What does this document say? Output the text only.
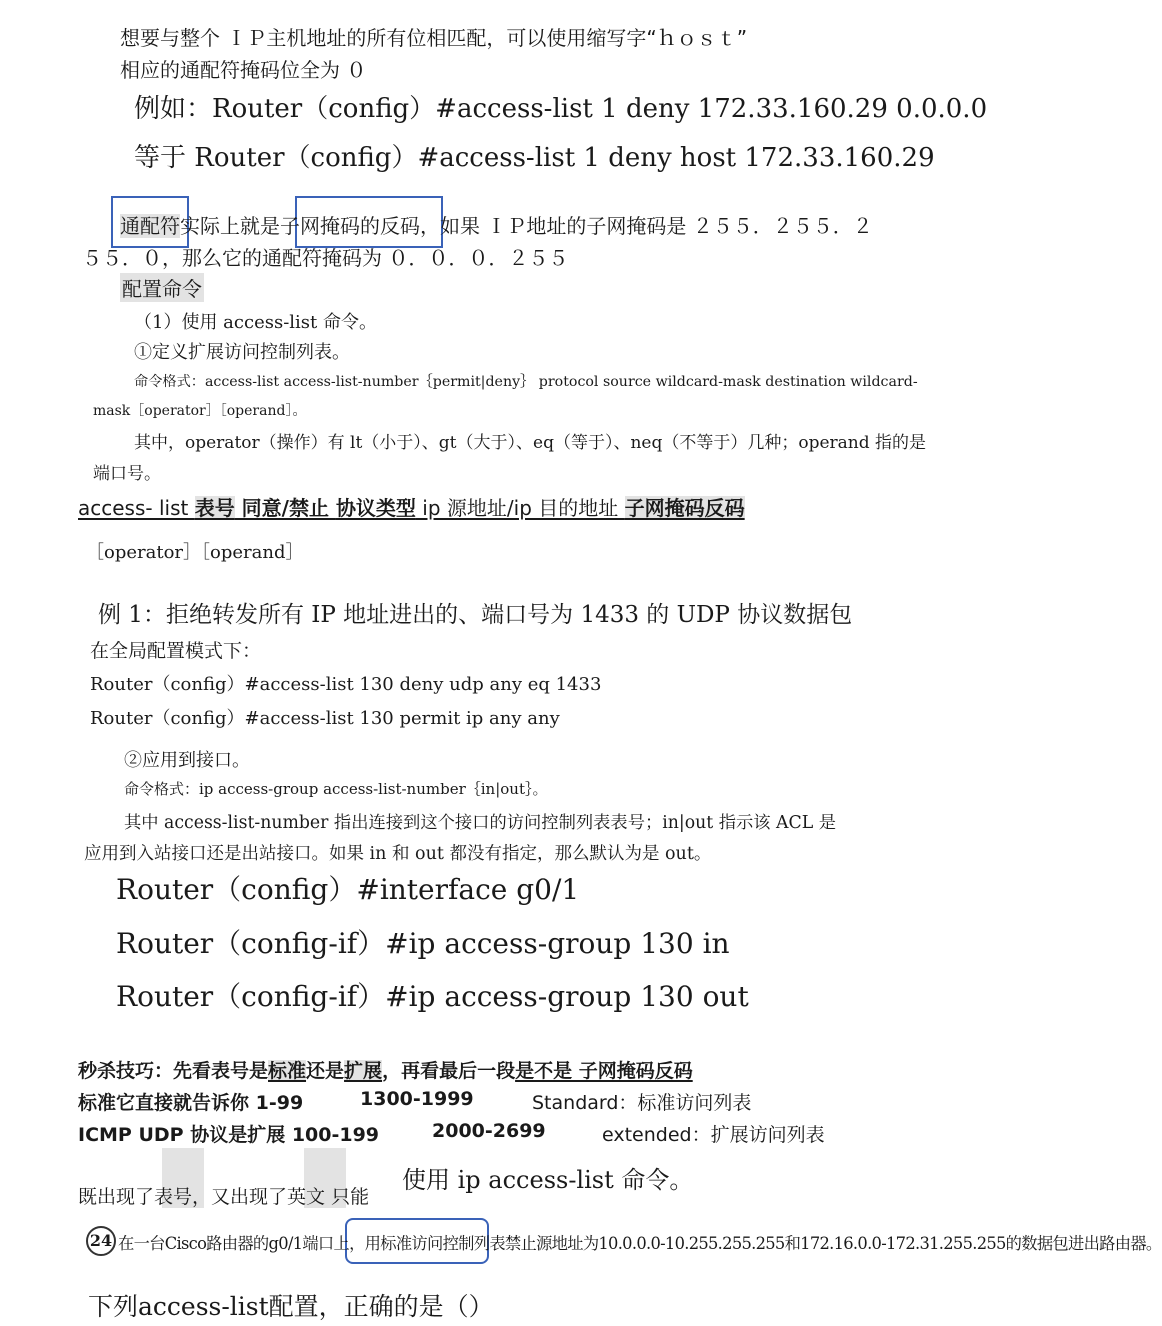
想要与整个 ＩＰ主机地址的所有位相匹配，可以使用缩写字“ｈｏｓｔ”
相应的通配符掩码位全为 ０
例如：Router（config）#access-list 1 deny 172.33.160.29 0.0.0.0
等于 Router（config）#access-list 1 deny host 172.33.160.29
通配符实际上就是子网掩码的反码，如果 ＩＰ地址的子网掩码是 ２５５．２５５．２
５５．０，那么它的通配符掩码为 ０．０．０．２５５
配置命令
（1）使用 access-list 命令。
①定义扩展访问控制列表。
命令格式：access-list access-list-number｛permit|deny｝ protocol source wildcard-mask destination wildcard-
mask［operator］［operand］。
其中，operator（操作）有 lt（小于）、gt（大于）、eq（等于）、neq（不等于）几种；operand 指的是
端口号。
access- list 表号 同意/禁止 协议类型 ip 源地址/ip 目的地址 子网掩码反码
［operator］［operand］
例 1：拒绝转发所有 IP 地址进出的、端口号为 1433 的 UDP 协议数据包
在全局配置模式下：
Router（config）#access-list 130 deny udp any eq 1433
Router（config）#access-list 130 permit ip any any
②应用到接口。
命令格式：ip access-group access-list-number｛in|out｝。
其中 access-list-number 指出连接到这个接口的访问控制列表表号；in|out 指示该 ACL 是
应用到入站接口还是出站接口。如果 in 和 out 都没有指定，那么默认为是 out。
Router（config）#interface g0/1
Router（config-if）#ip access-group 130 in
Router（config-if）#ip access-group 130 out
秒杀技巧：先看表号是标准还是扩展，再看最后一段是不是 子网掩码反码
标准它直接就告诉你 1-99	1300-1999	Standard：标准访问列表
ICMP UDP 协议是扩展 100-199	2000-2699	extended：扩展访问列表
既出现了表号，又出现了英文 只能
使用 ip access-list 命令。
24 在一台Cisco路由器的g0/1端口上，用标准访问控制列表禁止源地址为10.0.0.0-10.255.255.255和172.16.0.0-172.31.255.255的数据包进出路由器。
下列access-list配置，正确的是（）
